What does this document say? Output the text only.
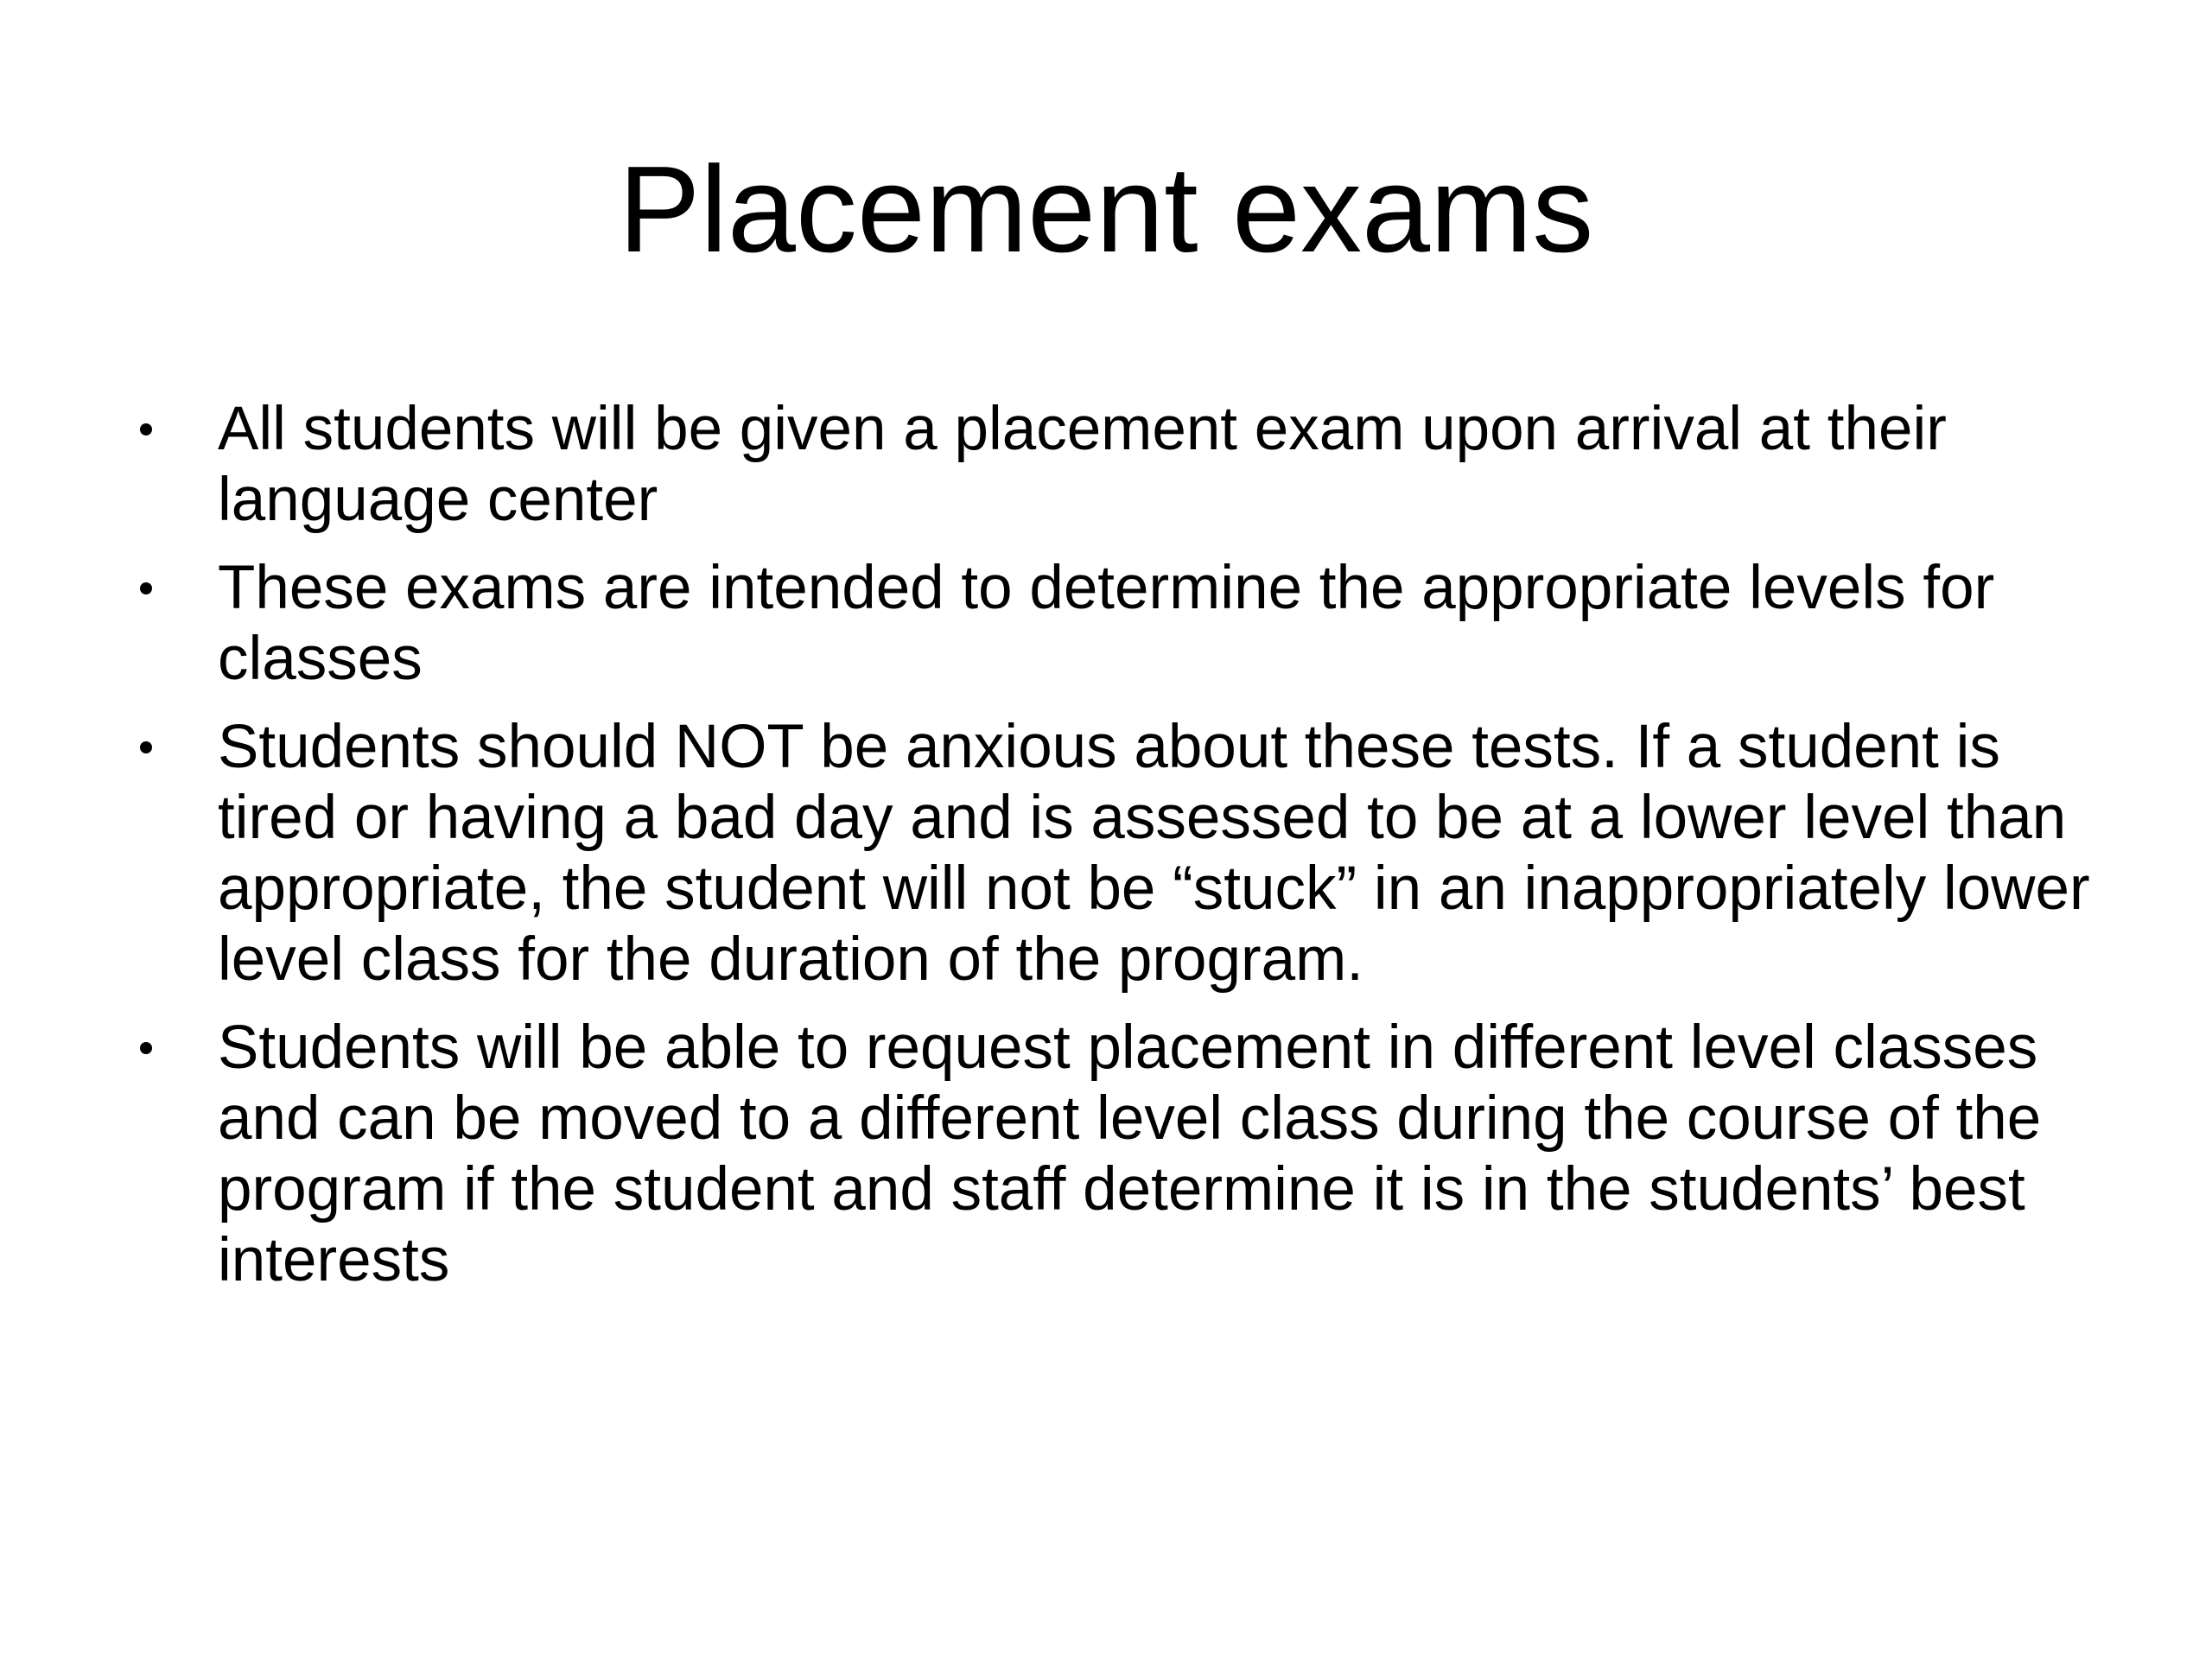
Placement exams
All students will be given a placement exam upon arrival at their language center
These exams are intended to determine the appropriate levels for classes
Students should NOT be anxious about these tests. If a student is tired or having a bad day and is assessed to be at a lower level than appropriate, the student will not be “stuck” in an inappropriately lower level class for the duration of the program.
Students will be able to request placement in different level classes and can be moved to a different level class during the course of the program if the student and staff determine it is in the students’ best interests
